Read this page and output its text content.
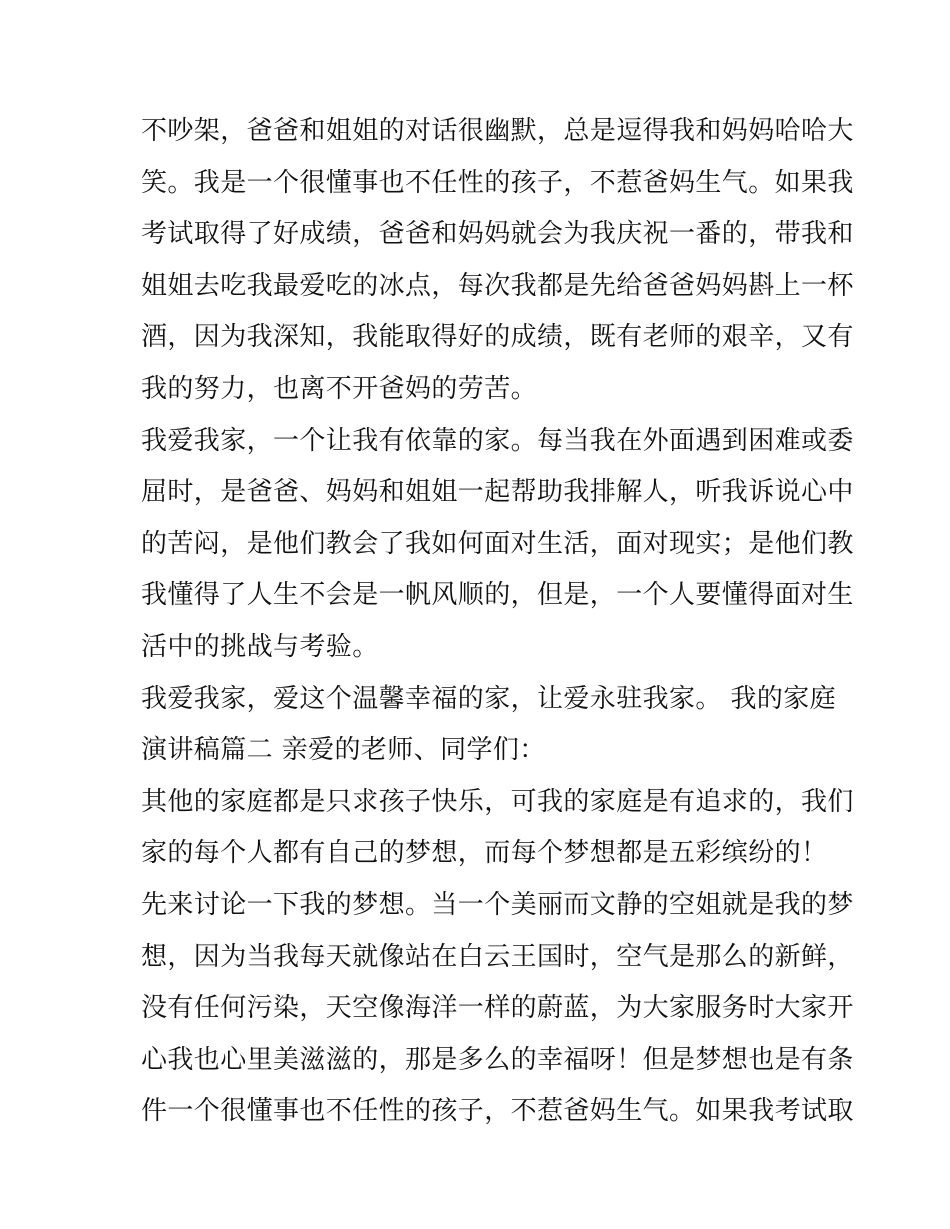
不吵架，爸爸和姐姐的对话很幽默，总是逗得我和妈妈哈哈大
笑。我是一个很懂事也不任性的孩子，不惹爸妈生气。如果我
考试取得了好成绩，爸爸和妈妈就会为我庆祝一番的，带我和
姐姐去吃我最爱吃的冰点，每次我都是先给爸爸妈妈斟上一杯
酒，因为我深知，我能取得好的成绩，既有老师的艰辛，又有
我的努力，也离不开爸妈的劳苦。
我爱我家，一个让我有依靠的家。每当我在外面遇到困难或委
屈时，是爸爸、妈妈和姐姐一起帮助我排解人，听我诉说心中
的苦闷，是他们教会了我如何面对生活，面对现实；是他们教
我懂得了人生不会是一帆风顺的，但是，一个人要懂得面对生
活中的挑战与考验。
我爱我家，爱这个温馨幸福的家，让爱永驻我家。 我的家庭
演讲稿篇二 亲爱的老师、同学们：
其他的家庭都是只求孩子快乐，可我的家庭是有追求的，我们
家的每个人都有自己的梦想，而每个梦想都是五彩缤纷的！
先来讨论一下我的梦想。当一个美丽而文静的空姐就是我的梦
想，因为当我每天就像站在白云王国时，空气是那么的新鲜，
没有任何污染，天空像海洋一样的蔚蓝，为大家服务时大家开
心我也心里美滋滋的，那是多么的幸福呀！但是梦想也是有条
件一个很懂事也不任性的孩子，不惹爸妈生气。如果我考试取
